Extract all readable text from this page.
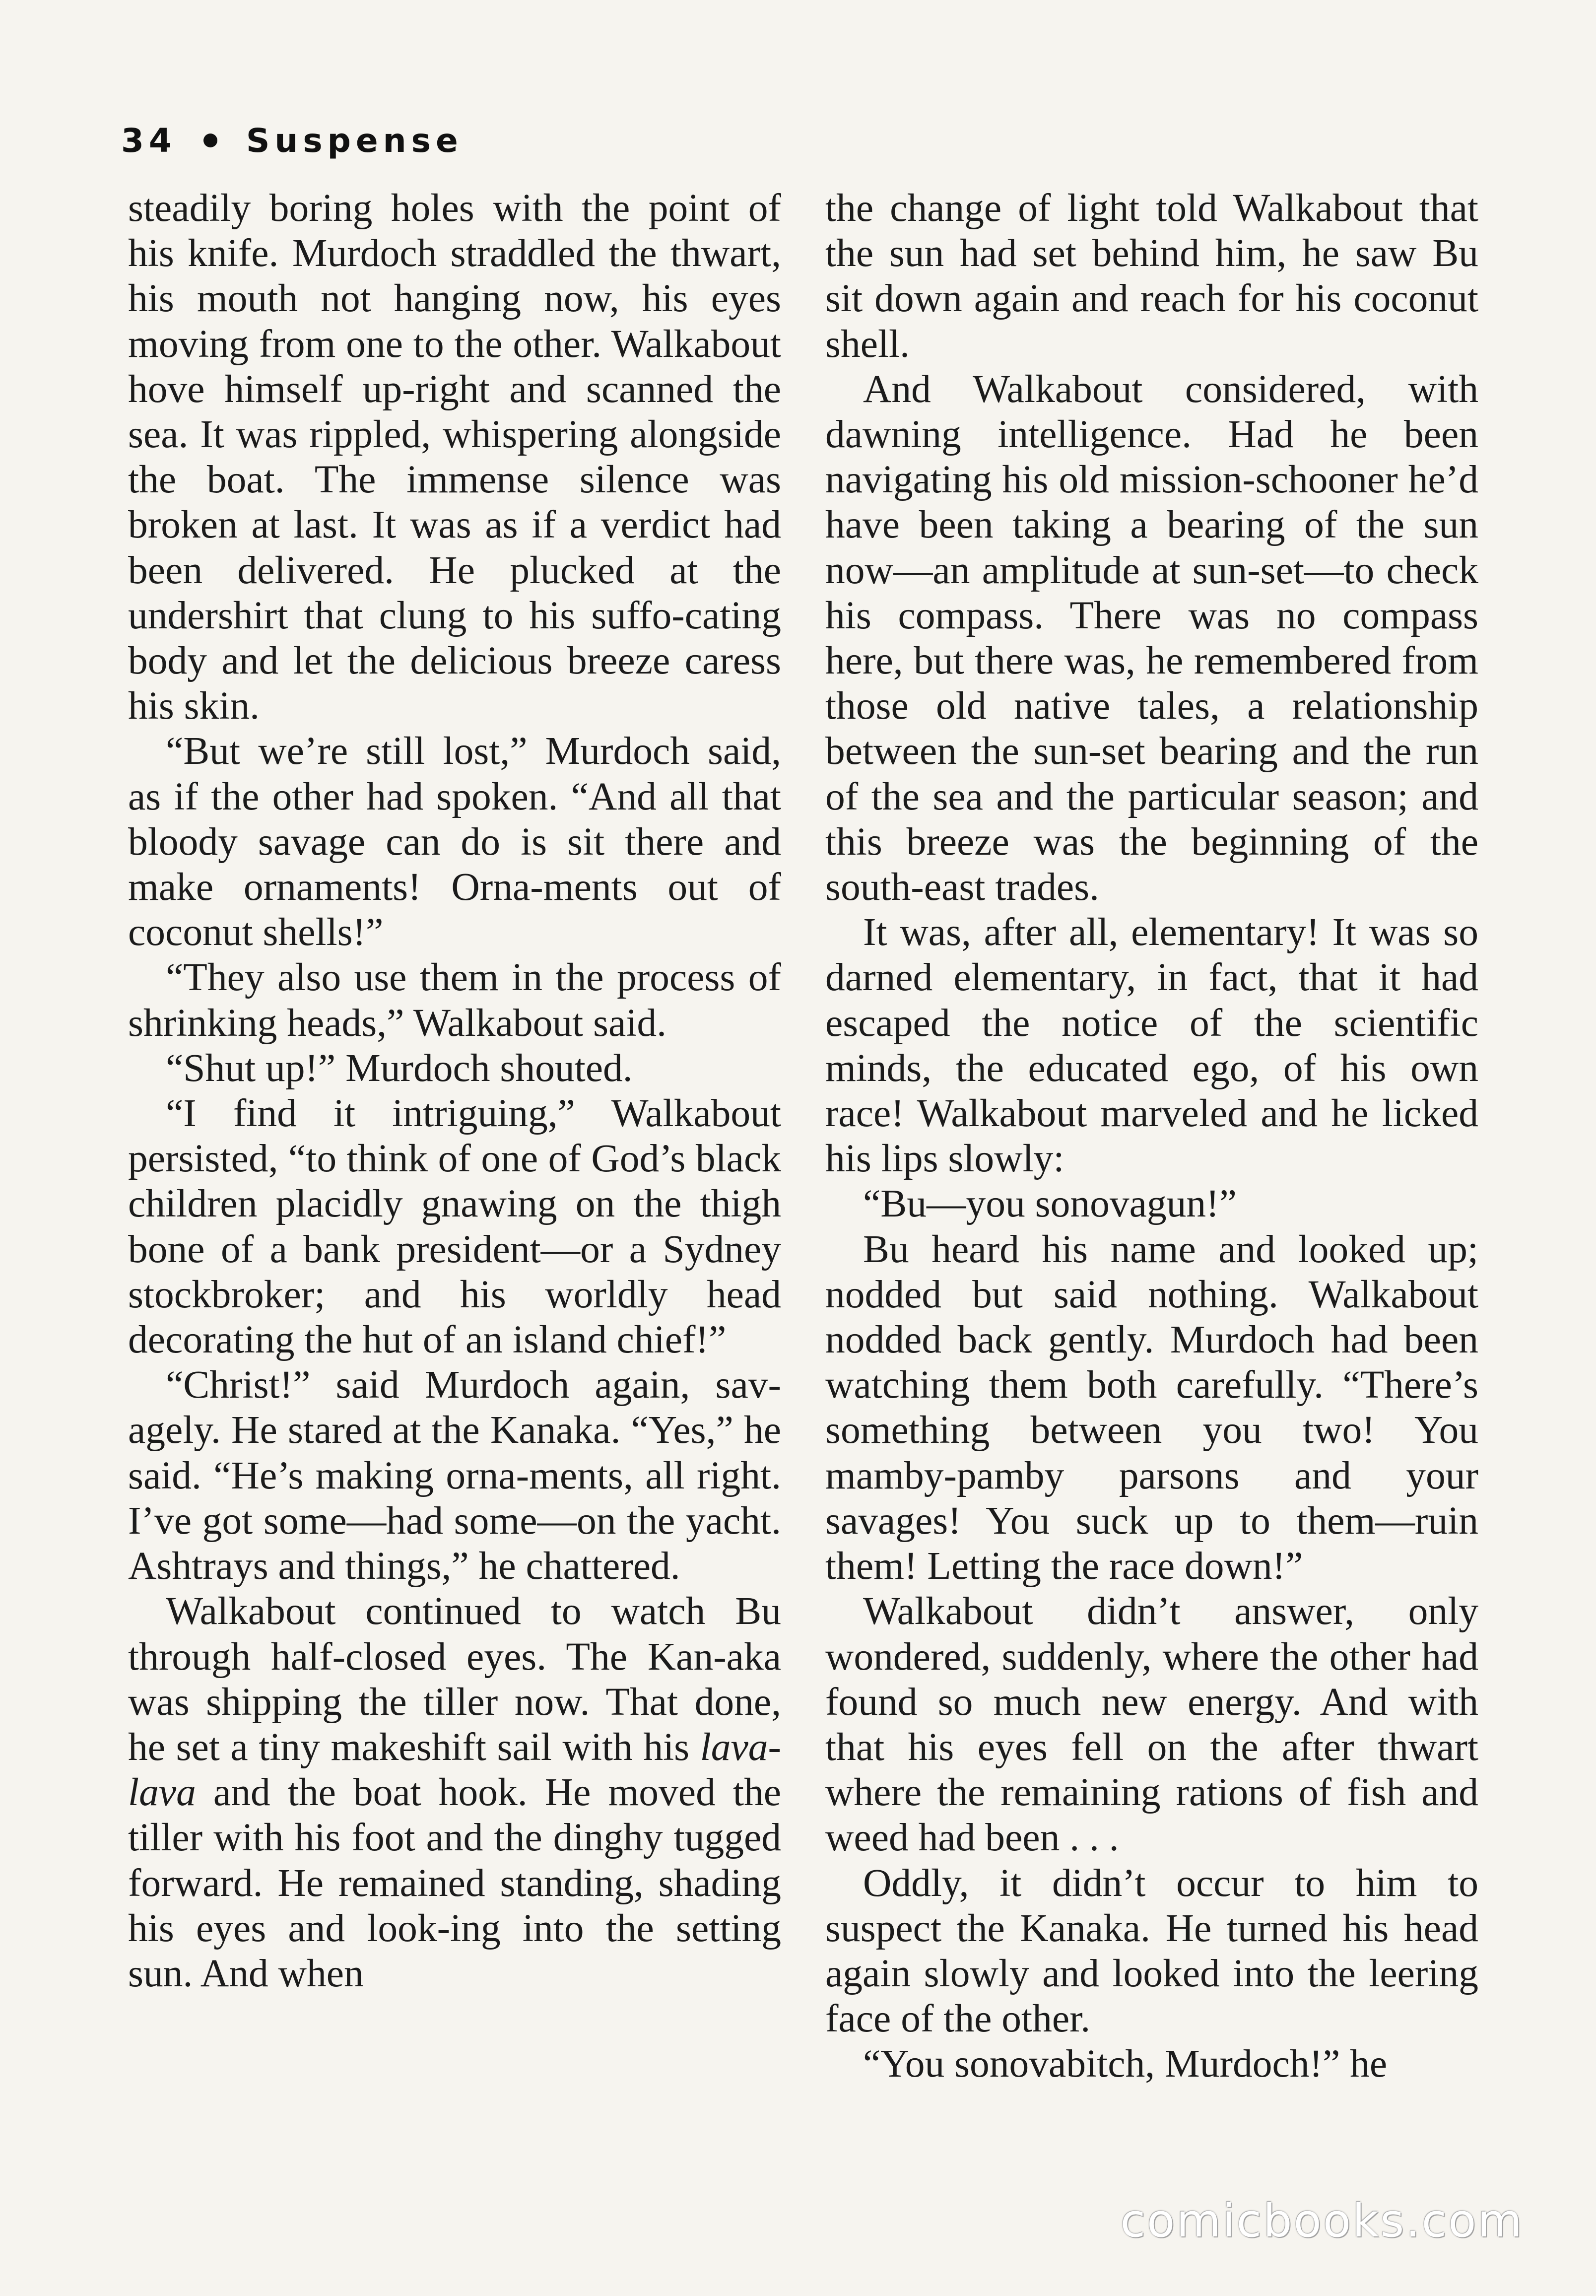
34 Suspense

steadily boring holes with the point of his knife. Murdoch straddled the thwart, his mouth not hanging now, his eyes moving from one to the other. Walkabout hove himself up-right and scanned the sea. It was rippled, whispering alongside the boat. The immense silence was broken at last. It was as if a verdict had been delivered. He plucked at the undershirt that clung to his suffo-cating body and let the delicious breeze caress his skin.

“But we’re still lost,” Murdoch said, as if the other had spoken. “And all that bloody savage can do is sit there and make ornaments! Orna-ments out of coconut shells!”

“They also use them in the process of shrinking heads,” Walkabout said.

“Shut up!” Murdoch shouted.

“I find it intriguing,” Walkabout persisted, “to think of one of God’s black children placidly gnawing on the thigh bone of a bank president—or a Sydney stockbroker; and his worldly head decorating the hut of an island chief!”

“Christ!” said Murdoch again, sav-agely. He stared at the Kanaka. “Yes,” he said. “He’s making orna-ments, all right. I’ve got some—had some—on the yacht. Ashtrays and things,” he chattered.

Walkabout continued to watch Bu through half-closed eyes. The Kan-aka was shipping the tiller now. That done, he set a tiny makeshift sail with his lava-lava and the boat hook. He moved the tiller with his foot and the dinghy tugged forward. He remained standing, shading his eyes and look-ing into the setting sun. And when

the change of light told Walkabout that the sun had set behind him, he saw Bu sit down again and reach for his coconut shell.

And Walkabout considered, with dawning intelligence. Had he been navigating his old mission-schooner he’d have been taking a bearing of the sun now—an amplitude at sun-set—to check his compass. There was no compass here, but there was, he remembered from those old native tales, a relationship between the sun-set bearing and the run of the sea and the particular season; and this breeze was the beginning of the south-east trades.

It was, after all, elementary! It was so darned elementary, in fact, that it had escaped the notice of the scientific minds, the educated ego, of his own race! Walkabout marveled and he licked his lips slowly:

“Bu—you sonovagun!”

Bu heard his name and looked up; nodded but said nothing. Walkabout nodded back gently. Murdoch had been watching them both carefully. “There’s something between you two! You mamby-pamby parsons and your savages! You suck up to them—ruin them! Letting the race down!”

Walkabout didn’t answer, only wondered, suddenly, where the other had found so much new energy. And with that his eyes fell on the after thwart where the remaining rations of fish and weed had been . . .

Oddly, it didn’t occur to him to suspect the Kanaka. He turned his head again slowly and looked into the leering face of the other.

“You sonovabitch, Murdoch!” he

comicbooks.com
